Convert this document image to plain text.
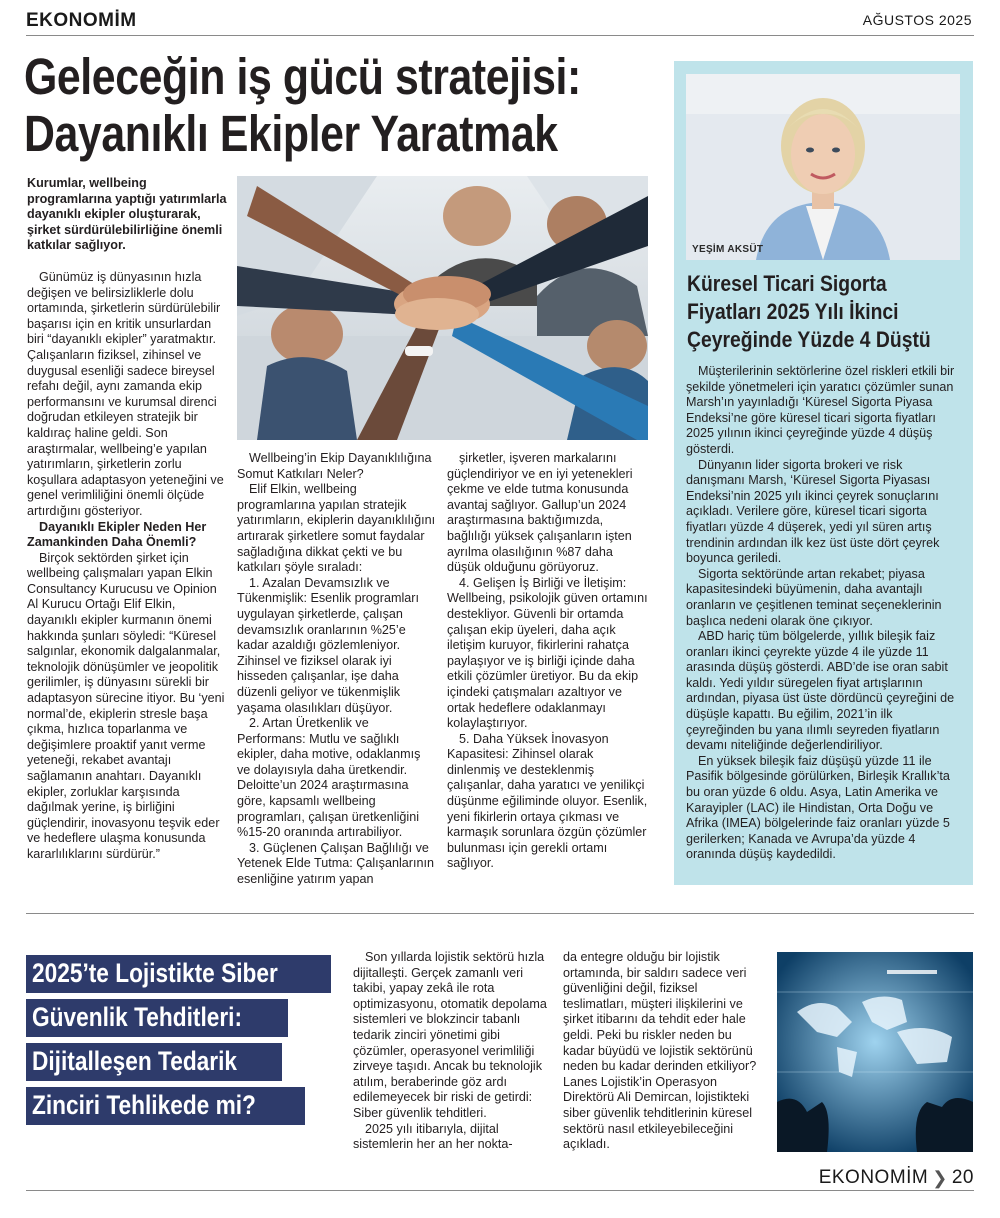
EKONOMİM	AĞUSTOS 2025
Geleceğin iş gücü stratejisi:
Dayanıklı Ekipler Yaratmak
Kurumlar, wellbeing programlarına yaptığı yatırımlarla dayanıklı ekipler oluşturarak, şirket sürdürülebilirliğine önemli katkılar sağlıyor.

Günümüz iş dünyasının hızla değişen ve belirsizliklerle dolu ortamında, şirketlerin sürdürülebilir başarısı için en kritik unsurlardan biri “dayanıklı ekipler” yaratmaktır. Çalışanların fiziksel, zihinsel ve duygusal esenliği sadece bireysel refahı değil, aynı zamanda ekip performansını ve kurumsal direnci doğrudan etkileyen stratejik bir kaldıraç haline geldi. Son araştırmalar, wellbeing’e yapılan yatırımların, şirketlerin zorlu koşullara adaptasyon yeteneğini ve genel verimliliğini önemli ölçüde artırdığını gösteriyor.

Dayanıklı Ekipler Neden Her Zamankinden Daha Önemli?

Birçok sektörden şirket için wellbeing çalışmaları yapan Elkin Consultancy Kurucusu ve Opinion Al Kurucu Ortağı Elif Elkin, dayanıklı ekipler kurmanın önemi hakkında şunları söyledi: “Küresel salgınlar, ekonomik dalgalanmalar, teknolojik dönüşümler ve jeopolitik gerilimler, iş dünyasını sürekli bir adaptasyon sürecine itiyor. Bu ‘yeni normal’de, ekiplerin stresle başa çıkma, hızlıca toparlanma ve değişimlere proaktif yanıt verme yeteneği, rekabet avantajı sağlamanın anahtarı. Dayanıklı ekipler, zorluklar karşısında dağılmak yerine, iş birliğini güçlendirir, inovasyonu teşvik eder ve hedeflere ulaşma konusunda kararlılıklarını sürdürür.”

Wellbeing’in Ekip Dayanıklılığına Somut Katkıları Neler?

Elif Elkin, wellbeing programlarına yapılan stratejik yatırımların, ekiplerin dayanıklılığını artırarak şirketlere somut faydalar sağladığına dikkat çekti ve bu katkıları şöyle sıraladı:

1. Azalan Devamsızlık ve Tükenmişlik: Esenlik programları uygulayan şirketlerde, çalışan devamsızlık oranlarının %25’e kadar azaldığı gözlemleniyor. Zihinsel ve fiziksel olarak iyi hisseden çalışanlar, işe daha düzenli geliyor ve tükenmişlik yaşama olasılıkları düşüyor.

2. Artan Üretkenlik ve Performans: Mutlu ve sağlıklı ekipler, daha motive, odaklanmış ve dolayısıyla daha üretkendir. Deloitte’un 2024 araştırmasına göre, kapsamlı wellbeing programları, çalışan üretkenliğini %15-20 oranında artırabiliyor.

3. Güçlenen Çalışan Bağlılığı ve Yetenek Elde Tutma: Çalışanlarının esenliğine yatırım yapan

şirketler, işveren markalarını güçlendiriyor ve en iyi yetenekleri çekme ve elde tutma konusunda avantaj sağlıyor. Gallup’un 2024 araştırmasına baktığımızda, bağlılığı yüksek çalışanların işten ayrılma olasılığının %87 daha düşük olduğunu görüyoruz.

4. Gelişen İş Birliği ve İletişim: Wellbeing, psikolojik güven ortamını destekliyor. Güvenli bir ortamda çalışan ekip üyeleri, daha açık iletişim kuruyor, fikirlerini rahatça paylaşıyor ve iş birliği içinde daha etkili çözümler üretiyor. Bu da ekip içindeki çatışmaları azaltıyor ve ortak hedeflere odaklanmayı kolaylaştırıyor.

5. Daha Yüksek İnovasyon Kapasitesi: Zihinsel olarak dinlenmiş ve desteklenmiş çalışanlar, daha yaratıcı ve yenilikçi düşünme eğiliminde oluyor. Esenlik, yeni fikirlerin ortaya çıkması ve karmaşık sorunlara özgün çözümler bulunması için gerekli ortamı sağlıyor.

YEŞİM AKSÜT
Küresel Ticari Sigorta
Fiyatları 2025 Yılı İkinci
Çeyreğinde Yüzde 4 Düştü

Müşterilerinin sektörlerine özel riskleri etkili bir şekilde yönetmeleri için yaratıcı çözümler sunan Marsh’ın yayınladığı ‘Küresel Sigorta Piyasa Endeksi’ne göre küresel ticari sigorta fiyatları 2025 yılının ikinci çeyreğinde yüzde 4 düşüş gösterdi.

Dünyanın lider sigorta brokeri ve risk danışmanı Marsh, ‘Küresel Sigorta Piyasası Endeksi’nin 2025 yılı ikinci çeyrek sonuçlarını açıkladı. Verilere göre, küresel ticari sigorta fiyatları yüzde 4 düşerek, yedi yıl süren artış trendinin ardından ilk kez üst üste dört çeyrek boyunca geriledi.

Sigorta sektöründe artan rekabet; piyasa kapasitesindeki büyümenin, daha avantajlı oranların ve çeşitlenen teminat seçeneklerinin başlıca nedeni olarak öne çıkıyor.

ABD hariç tüm bölgelerde, yıllık bileşik faiz oranları ikinci çeyrekte yüzde 4 ile yüzde 11 arasında düşüş gösterdi. ABD’de ise oran sabit kaldı. Yedi yıldır süregelen fiyat artışlarının ardından, piyasa üst üste dördüncü çeyreğini de düşüşle kapattı. Bu eğilim, 2021’in ilk çeyreğinden bu yana ılımlı seyreden fiyatların devamı niteliğinde değerlendiriliyor.

En yüksek bileşik faiz düşüşü yüzde 11 ile Pasifik bölgesinde görülürken, Birleşik Krallık’ta bu oran yüzde 6 oldu. Asya, Latin Amerika ve Karayipler (LAC) ile Hindistan, Orta Doğu ve Afrika (IMEA) bölgelerinde faiz oranları yüzde 5 gerilerken; Kanada ve Avrupa’da yüzde 4 oranında düşüş kaydedildi.

2025’te Lojistikte Siber
Güvenlik Tehditleri:
Dijitalleşen Tedarik
Zinciri Tehlikede mi?

Son yıllarda lojistik sektörü hızla dijitalleşti. Gerçek zamanlı veri takibi, yapay zekâ ile rota optimizasyonu, otomatik depolama sistemleri ve blokzincir tabanlı tedarik zinciri yönetimi gibi çözümler, operasyonel verimliliği zirveye taşıdı. Ancak bu teknolojik atılım, beraberinde göz ardı edilemeyecek bir riski de getirdi: Siber güvenlik tehditleri.

2025 yılı itibarıyla, dijital sistemlerin her an her nokta-

da entegre olduğu bir lojistik ortamında, bir saldırı sadece veri güvenliğini değil, fiziksel teslimatları, müşteri ilişkilerini ve şirket itibarını da tehdit eder hale geldi. Peki bu riskler neden bu kadar büyüdü ve lojistik sektörünü neden bu kadar derinden etkiliyor? Lanes Lojistik’in Operasyon Direktörü Ali Demircan, lojistikteki siber güvenlik tehditlerinin küresel sektörü nasıl etkileyebileceğini açıkladı.

EKONOMİM ❯ 20
